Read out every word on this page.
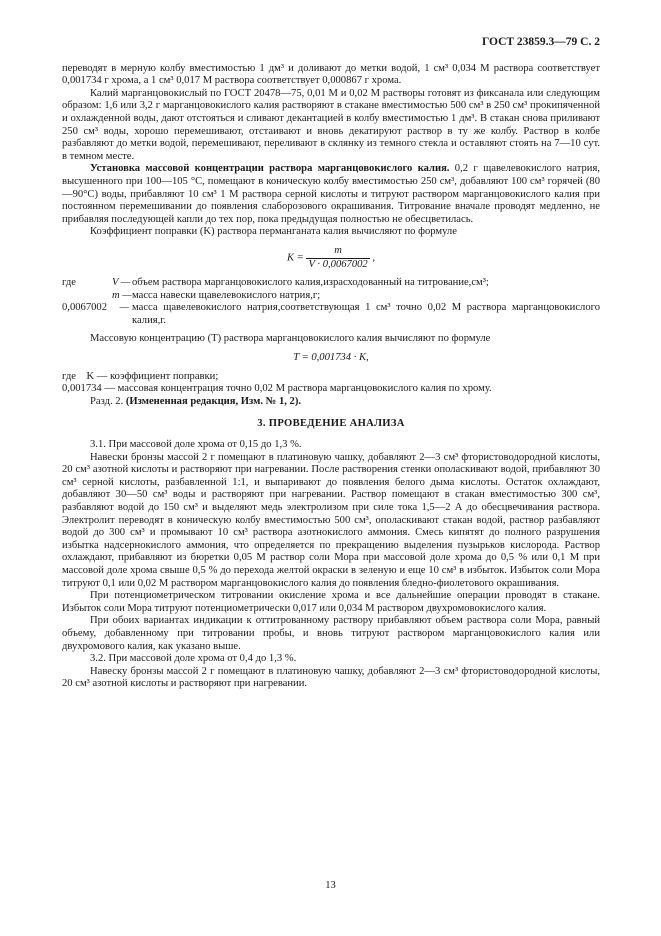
ГОСТ 23859.3—79 С. 2

переводят в мерную колбу вместимостью 1 дм³ и доливают до метки водой, 1 см³ 0,034 М раствора соответствует 0,001734 г хрома, а 1 см³ 0,017 М раствора соответствует 0,000867 г хрома.

Калий марганцовокислый по ГОСТ 20478—75, 0,01 М и 0,02 М растворы готовят из фиксанала или следующим образом: 1,6 или 3,2 г марганцовокислого калия растворяют в стакане вместимостью 500 см³ в 250 см³ прокипяченной и охлажденной воды, дают отстояться и сливают декантацией в колбу вместимостью 1 дм³. В стакан снова приливают 250 см³ воды, хорошо перемешивают, отстаивают и вновь декатируют раствор в ту же колбу. Раствор в колбе разбавляют до метки водой, перемешивают, переливают в склянку из темного стекла и оставляют стоять на 7—10 сут. в темном месте.

Установка массовой концентрации раствора марганцовокислого калия. 0,2 г щавелевокислого натрия, высушенного при 100—105 °С, помещают в коническую колбу вместимостью 250 см³, добавляют 100 см³ горячей (80—90°С) воды, прибавляют 10 см³ 1 М раствора серной кислоты и титруют раствором марганцовокислого калия при постоянном перемешивании до появления слаборозового окрашивания. Титрование вначале проводят медленно, не прибавляя последующей капли до тех пор, пока предыдущая полностью не обесцветилась.

Коэффициент поправки (K) раствора перманганата калия вычисляют по формуле

$K = \frac{m}{V \cdot 0,0067002}$ ,
где	V — объем раствора марганцовокислого калия,израсходованный на титрование,см³;
m — масса навески щавелевокислого натрия,г;
0,0067002	— масса щавелевокислого натрия,соответствующая 1 см³ точно 0,02 М раствора марганцовокислого калия,г.

Массовую концентрацию (T) раствора марганцовокислого калия вычисляют по формуле

T = 0,001734 · K,

где    K — коэффициент поправки;

0,001734 — массовая концентрация точно 0,02 М раствора марганцовокислого калия по хрому.

Разд. 2. (Измененная редакция, Изм. № 1, 2).

3. ПРОВЕДЕНИЕ АНАЛИЗА

3.1. При массовой доле хрома от 0,15 до 1,3 %.

Навески бронзы массой 2 г помещают в платиновую чашку, добавляют 2—3 см³ фтористоводородной кислоты, 20 см³ азотной кислоты и растворяют при нагревании. После растворения стенки ополаскивают водой, прибавляют 30 см³ серной кислоты, разбавленной 1:1, и выпаривают до появления белого дыма кислоты. Остаток охлаждают, добавляют 30—50 см³ воды и растворяют при нагревании. Раствор помещают в стакан вместимостью 300 см³, разбавляют водой до 150 см³ и выделяют медь электролизом при силе тока 1,5—2 А до обесцвечивания раствора. Электролит переводят в коническую колбу вместимостью 500 см³, ополаскивают стакан водой, раствор разбавляют водой до 300 см³ и промывают 10 см³ раствора азотнокислого аммония. Смесь кипятят до полного разрушения избытка надсернокислого аммония, что определяется по прекращению выделения пузырьков кислорода. Раствор охлаждают, прибавляют из бюретки 0,05 М раствор соли Мора при массовой доле хрома до 0,5 % или 0,1 М при массовой доле хрома свыше 0,5 % до перехода желтой окраски в зеленую и еще 10 см³ в избыток. Избыток соли Мора титруют 0,1 или 0,02 М раствором марганцовокислого калия до появления бледно-фиолетового окрашивания.

При потенциометрическом титровании окисление хрома и все дальнейшие операции проводят в стакане. Избыток соли Мора титруют потенциометрически 0,017 или 0,034 М раствором двухромовокислого калия.

При обоих вариантах индикации к оттитрованному раствору прибавляют объем раствора соли Мора, равный объему, добавленному при титровании пробы, и вновь титруют раствором марганцовокислого калия или двухромового калия, как указано выше.

3.2. При массовой доле хрома от 0,4 до 1,3 %.

Навеску бронзы массой 2 г помещают в платиновую чашку, добавляют 2—3 см³ фтористоводородной кислоты, 20 см³ азотной кислоты и растворяют при нагревании.

13
